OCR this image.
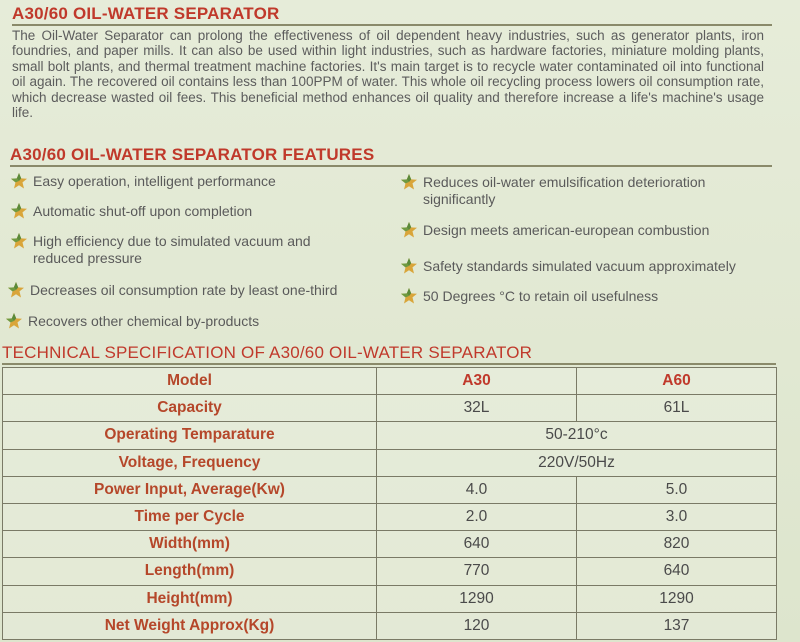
A30/60 OIL-WATER SEPARATOR
The Oil-Water Separator can prolong the effectiveness of oil dependent heavy industries, such as generator plants, iron foundries, and paper mills. It can also be used within light industries, such as hardware factories, miniature molding plants, small bolt plants, and thermal treatment machine factories. It's main target is to recycle water contaminated oil into functional oil again. The recovered oil contains less than 100PPM of water. This whole oil recycling process lowers oil consumption rate, which decrease wasted oil fees. This beneficial method enhances oil quality and therefore increase a life's machine's usage life.
A30/60 OIL-WATER SEPARATOR FEATURES
Easy operation, intelligent performance
Automatic shut-off upon completion
High efficiency due to simulated vacuum and reduced pressure
Decreases oil consumption rate by least one-third
Recovers other chemical by-products
Reduces oil-water emulsification deterioration significantly
Design meets american-european combustion
Safety standards simulated vacuum approximately
50 Degrees °C to retain oil usefulness
TECHNICAL SPECIFICATION OF A30/60 OIL-WATER SEPARATOR
Model	A30	A60
Capacity	32L	61L
Operating Temparature	50-210°c	
Voltage, Frequency	220V/50Hz	
Power Input, Average(Kw)	4.0	5.0
Time per Cycle	2.0	3.0
Width(mm)	640	820
Length(mm)	770	640
Height(mm)	1290	1290
Net Weight Approx(Kg)	120	137
